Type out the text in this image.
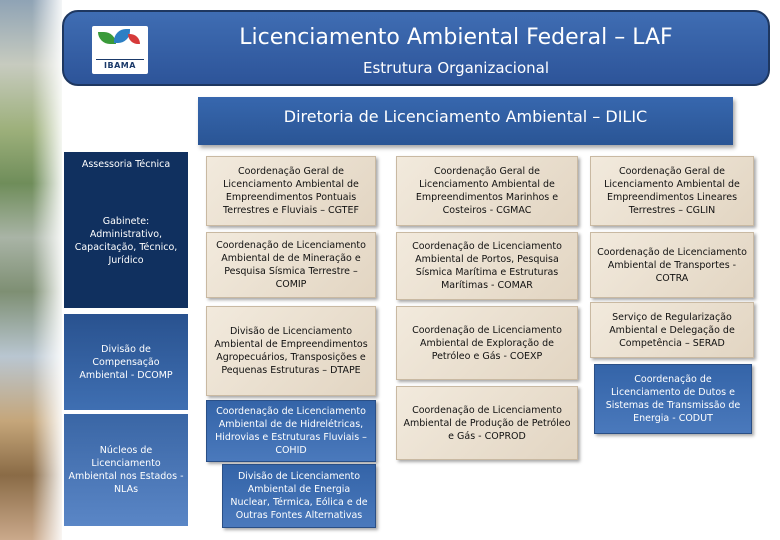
IBAMA
Licenciamento Ambiental Federal – LAF
Estrutura Organizacional
Diretoria de Licenciamento Ambiental – DILIC
Assessoria Técnica
Gabinete: Administrativo, Capacitação, Técnico, Jurídico
Divisão de Compensação Ambiental - DCOMP
Núcleos de Licenciamento Ambiental nos Estados - NLAs
Coordenação Geral de Licenciamento Ambiental de Empreendimentos Pontuais Terrestres e Fluviais – CGTEF
Coordenação de Licenciamento Ambiental de de Mineração e Pesquisa Sísmica Terrestre – COMIP
Divisão de Licenciamento Ambiental de Empreendimentos Agropecuários, Transposições e Pequenas Estruturas – DTAPE
Coordenação de Licenciamento Ambiental de de Hidrelétricas, Hidrovias e Estruturas Fluviais – COHID
Divisão de Licenciamento Ambiental de Energia Nuclear, Térmica, Eólica e de Outras Fontes Alternativas
Coordenação Geral de Licenciamento Ambiental de Empreendimentos Marinhos e Costeiros - CGMAC
Coordenação de Licenciamento Ambiental de Portos, Pesquisa Sísmica Marítima e Estruturas Marítimas - COMAR
Coordenação de Licenciamento Ambiental de Exploração de Petróleo e Gás - COEXP
Coordenação de Licenciamento Ambiental de Produção de Petróleo e Gás - COPROD
Coordenação Geral de Licenciamento Ambiental de Empreendimentos Lineares Terrestres – CGLIN
Coordenação de Licenciamento Ambiental de Transportes - COTRA
Serviço de Regularização Ambiental e Delegação de Competência – SERAD
Coordenação de Licenciamento de Dutos e Sistemas de Transmissão de Energia - CODUT
